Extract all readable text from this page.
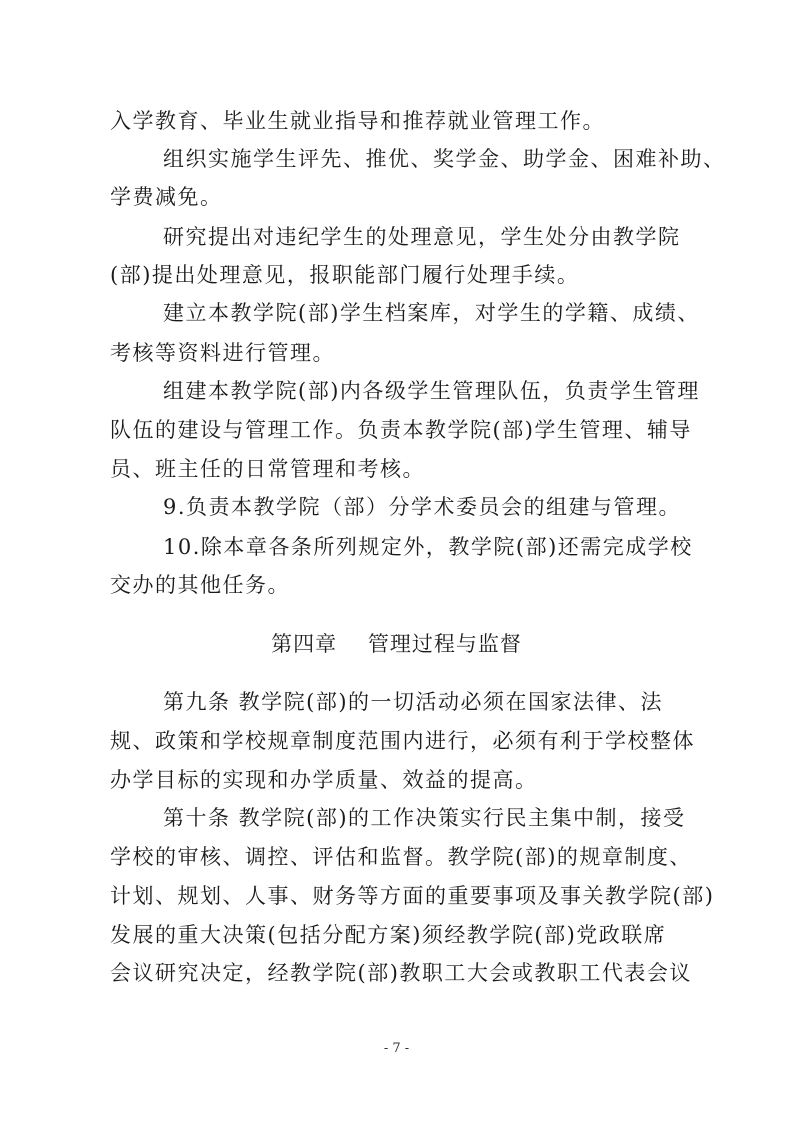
入学教育、毕业生就业指导和推荐就业管理工作。
组织实施学生评先、推优、奖学金、助学金、困难补助、
学费减免。
研究提出对违纪学生的处理意见，学生处分由教学院
(部)提出处理意见，报职能部门履行处理手续。
建立本教学院(部)学生档案库，对学生的学籍、成绩、
考核等资料进行管理。
组建本教学院(部)内各级学生管理队伍，负责学生管理
队伍的建设与管理工作。负责本教学院(部)学生管理、辅导
员、班主任的日常管理和考核。
9.负责本教学院（部）分学术委员会的组建与管理。
10.除本章各条所列规定外，教学院(部)还需完成学校
交办的其他任务。
第四章    管理过程与监督
第九条 教学院(部)的一切活动必须在国家法律、法
规、政策和学校规章制度范围内进行，必须有利于学校整体
办学目标的实现和办学质量、效益的提高。
第十条 教学院(部)的工作决策实行民主集中制，接受
学校的审核、调控、评估和监督。教学院(部)的规章制度、
计划、规划、人事、财务等方面的重要事项及事关教学院(部)
发展的重大决策(包括分配方案)须经教学院(部)党政联席
会议研究决定，经教学院(部)教职工大会或教职工代表会议
- 7 -
